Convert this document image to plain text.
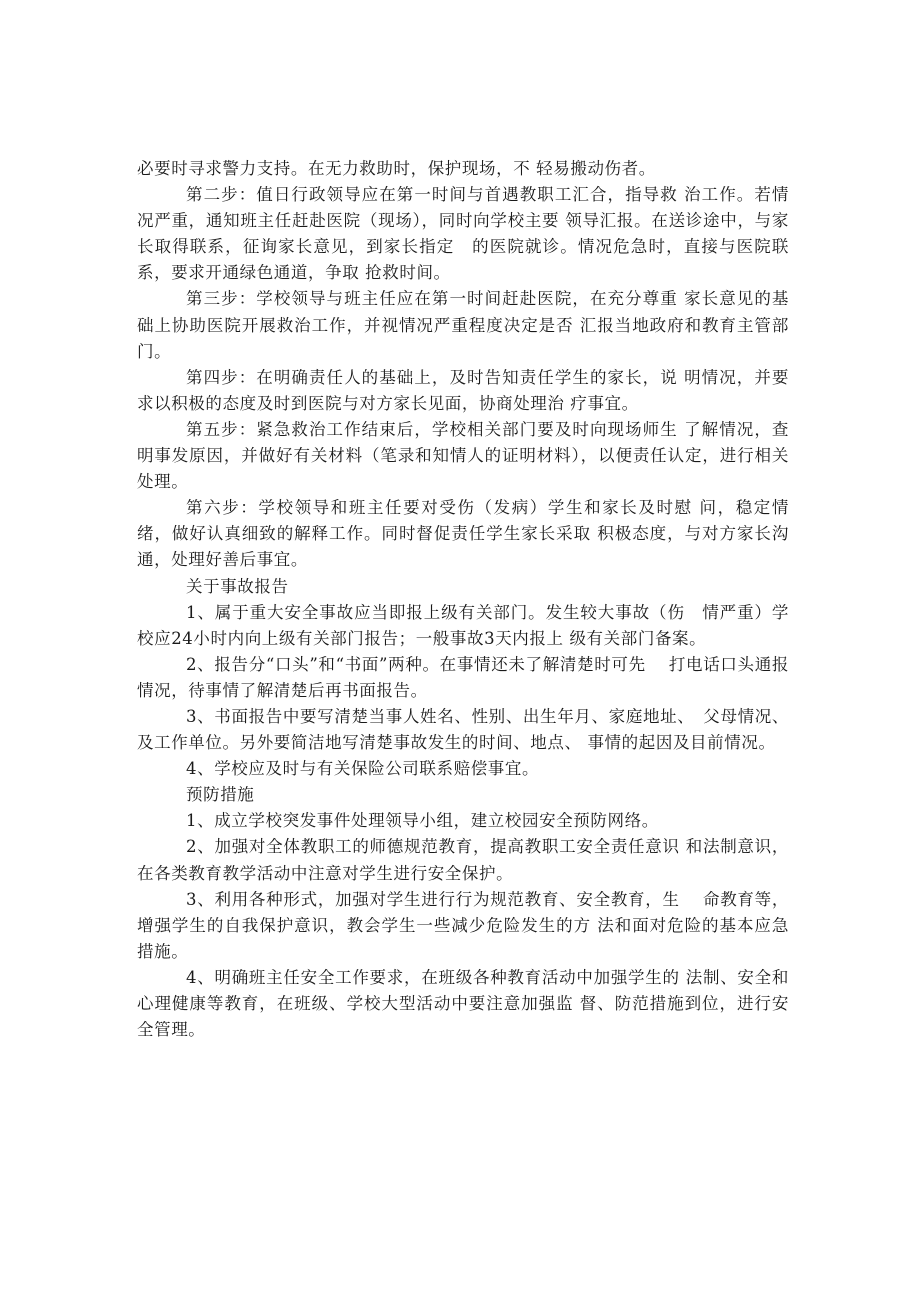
必要时寻求警力支持。在无力救助时，保护现场，不 轻易搬动伤者。

第二步：值日行政领导应在第一时间与首遇教职工汇合，指导救 治工作。若情况严重，通知班主任赶赴医院（现场），同时向学校主要 领导汇报。在送诊途中，与家长取得联系，征询家长意见，到家长指定　的医院就诊。情况危急时，直接与医院联系，要求开通绿色通道，争取 抢救时间。

第三步：学校领导与班主任应在第一时间赶赴医院，在充分尊重 家长意见的基础上协助医院开展救治工作，并视情况严重程度决定是否 汇报当地政府和教育主管部门。

第四步：在明确责任人的基础上，及时告知责任学生的家长，说 明情况，并要求以积极的态度及时到医院与对方家长见面，协商处理治 疗事宜。

第五步：紧急救治工作结束后，学校相关部门要及时向现场师生 了解情况，查明事发原因，并做好有关材料（笔录和知情人的证明材料），以便责任认定，进行相关处理。

第六步：学校领导和班主任要对受伤（发病）学生和家长及时慰 问，稳定情绪，做好认真细致的解释工作。同时督促责任学生家长采取 积极态度，与对方家长沟通，处理好善后事宜。

关于事故报告

1、属于重大安全事故应当即报上级有关部门。发生较大事故（伤　情严重）学校应24小时内向上级有关部门报告；一般事故3天内报上 级有关部门备案。

2、报告分“口头”和“书面”两种。在事情还未了解清楚时可先　 打电话口头通报情况，待事情了解清楚后再书面报告。

3、书面报告中要写清楚当事人姓名、性别、出生年月、家庭地址、　父母情况、及工作单位。另外要简洁地写清楚事故发生的时间、地点、 事情的起因及目前情况。

4、学校应及时与有关保险公司联系赔偿事宜。

预防措施

1、成立学校突发事件处理领导小组，建立校园安全预防网络。

2、加强对全体教职工的师德规范教育，提高教职工安全责任意识 和法制意识，在各类教育教学活动中注意对学生进行安全保护。

3、利用各种形式，加强对学生进行行为规范教育、安全教育，生　 命教育等，增强学生的自我保护意识，教会学生一些减少危险发生的方 法和面对危险的基本应急措施。

4、明确班主任安全工作要求，在班级各种教育活动中加强学生的 法制、安全和心理健康等教育，在班级、学校大型活动中要注意加强监 督、防范措施到位，进行安全管理。
